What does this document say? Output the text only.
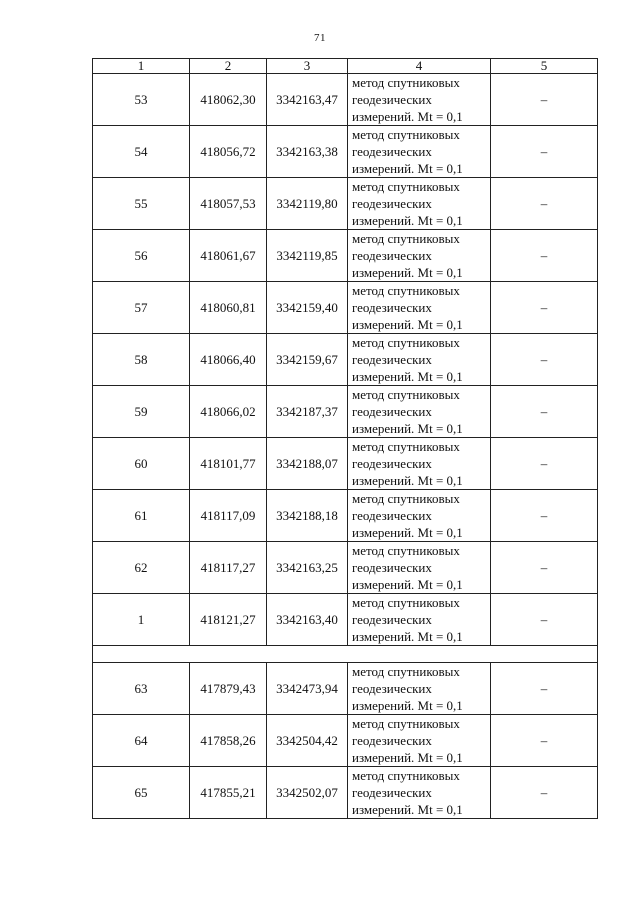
71
1	2	3	4	5
53	418062,30	3342163,47	метод спутниковых
геодезических
измерений. Mt = 0,1	–
54	418056,72	3342163,38	метод спутниковых
геодезических
измерений. Mt = 0,1	–
55	418057,53	3342119,80	метод спутниковых
геодезических
измерений. Mt = 0,1	–
56	418061,67	3342119,85	метод спутниковых
геодезических
измерений. Mt = 0,1	–
57	418060,81	3342159,40	метод спутниковых
геодезических
измерений. Mt = 0,1	–
58	418066,40	3342159,67	метод спутниковых
геодезических
измерений. Mt = 0,1	–
59	418066,02	3342187,37	метод спутниковых
геодезических
измерений. Mt = 0,1	–
60	418101,77	3342188,07	метод спутниковых
геодезических
измерений. Mt = 0,1	–
61	418117,09	3342188,18	метод спутниковых
геодезических
измерений. Mt = 0,1	–
62	418117,27	3342163,25	метод спутниковых
геодезических
измерений. Mt = 0,1	–
1	418121,27	3342163,40	метод спутниковых
геодезических
измерений. Mt = 0,1	–

63	417879,43	3342473,94	метод спутниковых
геодезических
измерений. Mt = 0,1	–
64	417858,26	3342504,42	метод спутниковых
геодезических
измерений. Mt = 0,1	–
65	417855,21	3342502,07	метод спутниковых
геодезических
измерений. Mt = 0,1	–
